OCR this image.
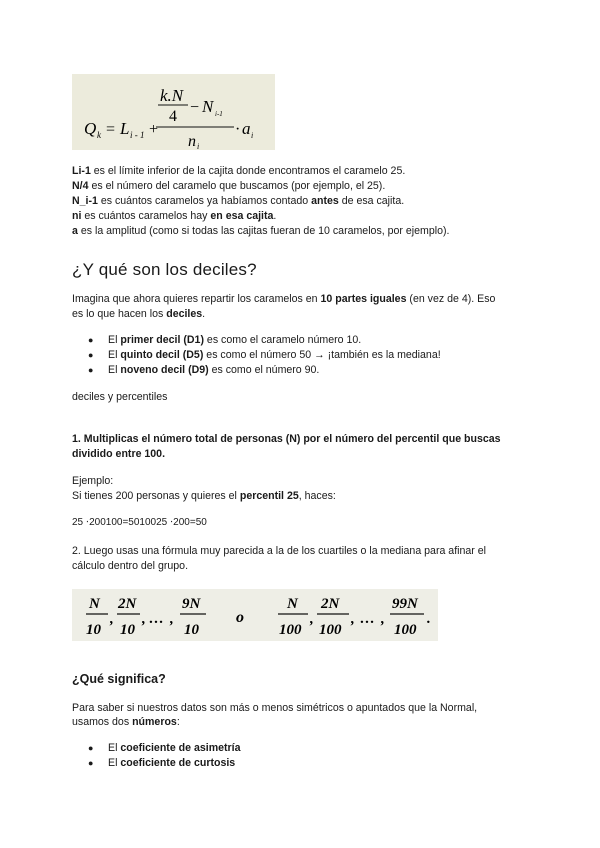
Q k = L i - 1 +
k.N
4
− N i-1
n i
· a i
Li-1 es el límite inferior de la cajita donde encontramos el caramelo 25.
N/4 es el número del caramelo que buscamos (por ejemplo, el 25).
N_i-1 es cuántos caramelos ya habíamos contado antes de esa cajita.
ni es cuántos caramelos hay en esa cajita.
a es la amplitud (como si todas las cajitas fueran de 10 caramelos, por ejemplo).
¿Y qué son los deciles?
Imagina que ahora quieres repartir los caramelos en 10 partes iguales (en vez de 4). Eso
es lo que hacen los deciles.
● El primer decil (D1) es como el caramelo número 10.
● El quinto decil (D5) es como el número 50 → ¡también es la mediana!
● El noveno decil (D9) es como el número 90.
deciles y percentiles
1. Multiplicas el número total de personas (N) por el número del percentil que buscas
dividido entre 100.
Ejemplo:
Si tienes 200 personas y quieres el percentil 25, haces:
25 ⋅200100=5010025 ⋅200=50
2. Luego usas una fórmula muy parecida a la de los cuartiles o la mediana para afinar el
cálculo dentro del grupo.
N
10
,
2N
10
, … ,
9N
10
o
N
100
,
2N
100
, … ,
99N
100
.
¿Qué significa?
Para saber si nuestros datos son más o menos simétricos o apuntados que la Normal,
usamos dos números:
● El coeficiente de asimetría
● El coeficiente de curtosis
